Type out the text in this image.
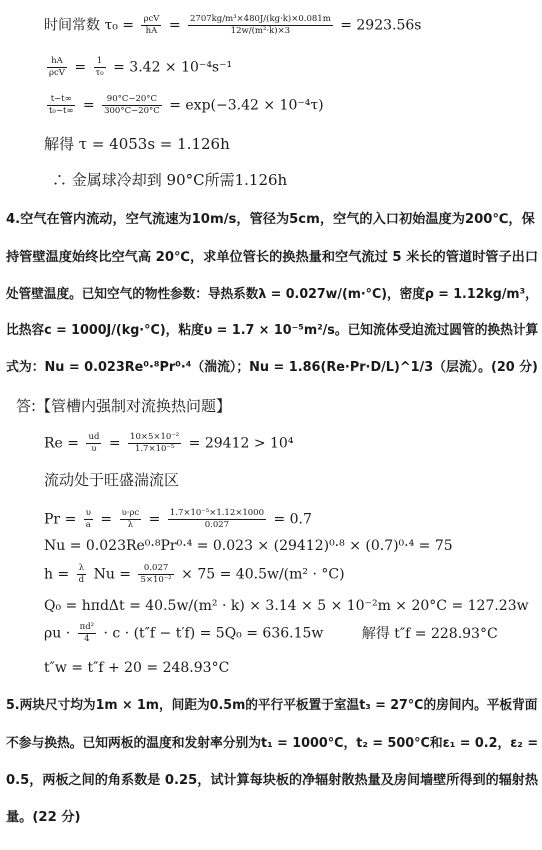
时间常数 $\tau_0 = \frac{\text{ρcV}}{hA} = \frac{\text{2707kg/m³×480J/(kg·k)×0.081m}}{\text{12w/(m²·k)×3}} = 2923.56s$
$\frac{hA}{\text{ρcV}} = \frac{1}{\text{τ₀}} = 3.42 \times 10^{-4}s^{-1}$
$\frac{t-t\infty}{\text{t₀−t∞}} = \frac{90^\circ C-20^\circ C}{300^\circ C-20^\circ C} = \exp(-3.42 \times 10^{-4}\tau)$
解得 τ = 4053s = 1.126h
∴ 金属球冷却到 90°C所需1.126h
4.空气在管内流动，空气流速为10m/s，管径为5cm，空气的入口初始温度为200℃，保
持管壁温度始终比空气高 20℃，求单位管长的换热量和空气流过 5 米长的管道时管子出口
处管壁温度。已知空气的物性参数：导热系数λ = 0.027w/(m·°C)，密度ρ = 1.12kg/m³，
比热容c = 1000J/(kg·°C)，粘度υ = 1.7 × 10⁻⁵m²/s。已知流体受迫流过圆管的换热计算
式为：Nu = 0.023Re⁰·⁸Pr⁰·⁴（湍流）；Nu = 1.86(Re·Pr·D/L)^1/3（层流）。(20 分)
答:【管槽内强制对流换热问题】
$Re = \frac{ud}{\upsilon} = \frac{\text{10×5×10⁻²}}{\text{1.7×10⁻⁵}} = 29412 > 10^4$
流动处于旺盛湍流区
$Pr = \frac{\upsilon}{a} = \frac{\upsilon\cdot\rho c}{\lambda} = \frac{\text{1.7×10⁻⁵×1.12×1000}}{0.027} = 0.7$
Nu = 0.023Re⁰·⁸Pr⁰·⁴ = 0.023 × (29412)⁰·⁸ × (0.7)⁰·⁴ = 75
$h = \frac{\lambda}{d}$ $Nu = \frac{0.027}{\text{5×10⁻²}} \times 75 = 40.5w/(m^2 \cdot ^\circ C)$
Q₀ = hπdΔt = 40.5w/(m² · k) × 3.14 × 5 × 10⁻²m × 20°C = 127.23w
$\rho u \cdot \frac{\text{πd²}}{4} \cdot c \cdot (t''f - t'f) = 5Q_0 = 636.15w$	解得 t″f = 228.93°C
t″w = t″f + 20 = 248.93°C
5.两块尺寸均为1m × 1m，间距为0.5m的平行平板置于室温t₃ = 27°C的房间内。平板背面
不参与换热。已知两板的温度和发射率分别为t₁ = 1000°C，t₂ = 500°C和ε₁ = 0.2，ε₂ =
0.5，两板之间的角系数是 0.25，试计算每块板的净辐射散热量及房间墙壁所得到的辐射热
量。(22 分)
